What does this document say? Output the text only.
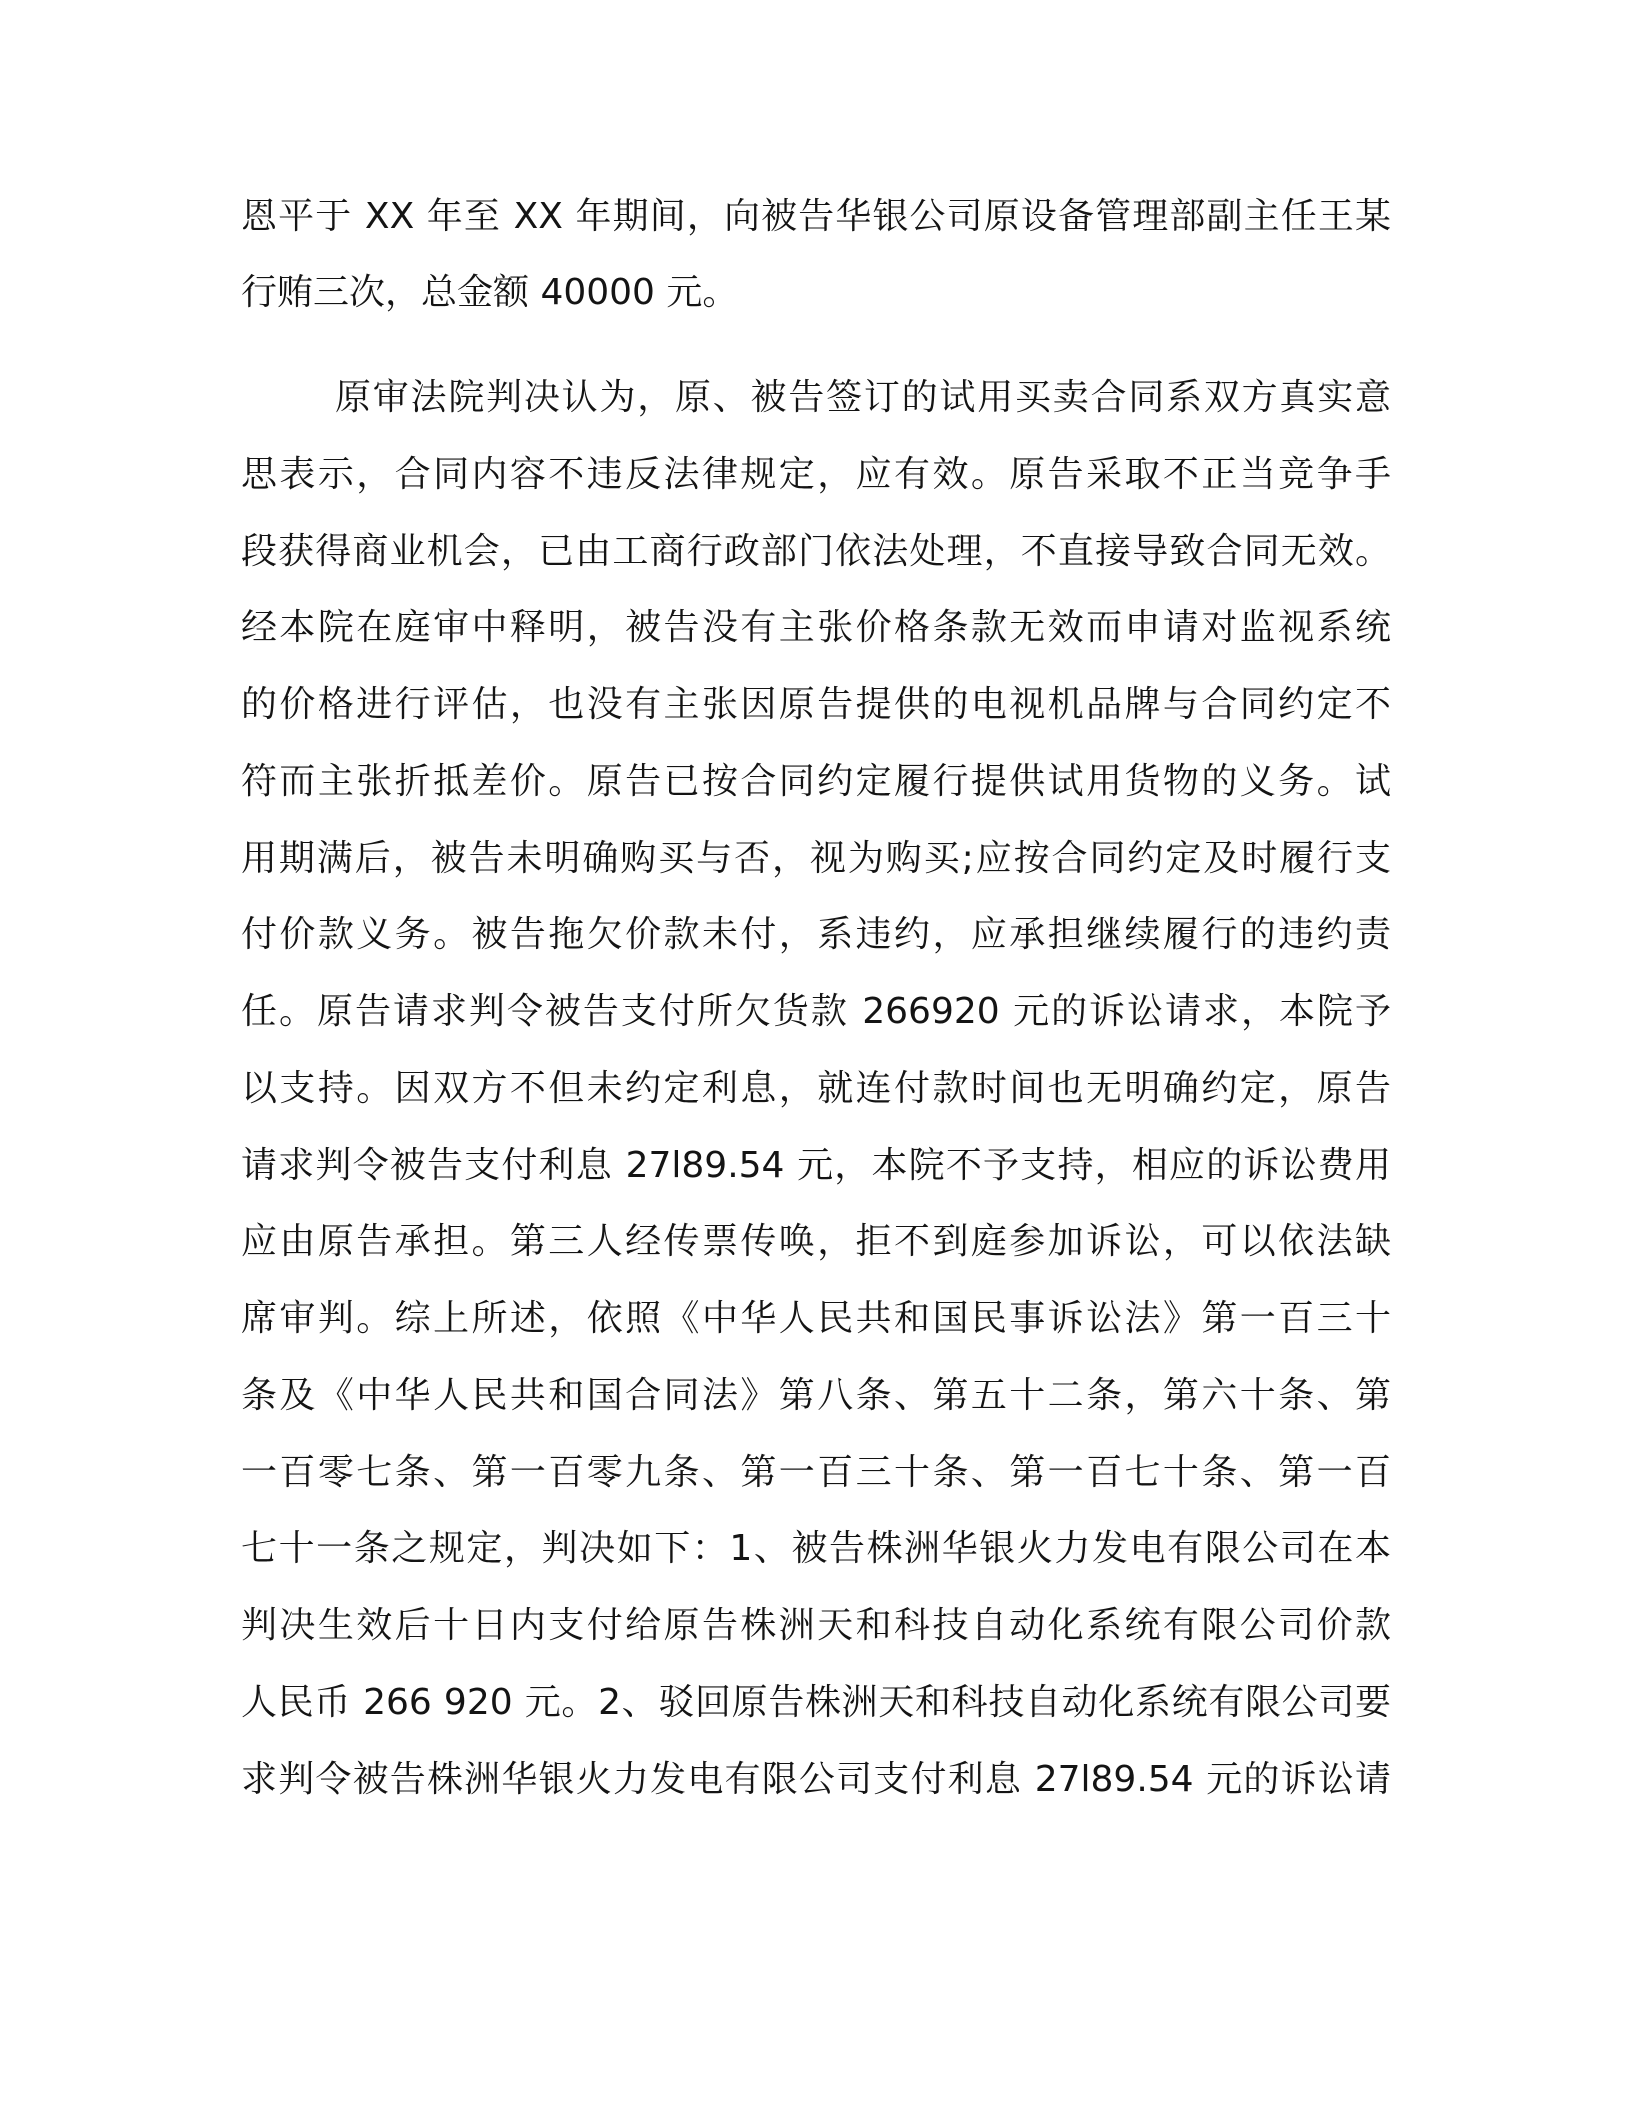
恩平于 XX 年至 XX 年期间，向被告华银公司原设备管理部副主任王某

行贿三次，总金额 40000 元。

原审法院判决认为，原、被告签订的试用买卖合同系双方真实意

思表示，合同内容不违反法律规定，应有效。原告采取不正当竞争手

段获得商业机会，已由工商行政部门依法处理，不直接导致合同无效。

经本院在庭审中释明，被告没有主张价格条款无效而申请对监视系统

的价格进行评估，也没有主张因原告提供的电视机品牌与合同约定不

符而主张折抵差价。原告已按合同约定履行提供试用货物的义务。试

用期满后，被告未明确购买与否，视为购买;应按合同约定及时履行支

付价款义务。被告拖欠价款未付，系违约，应承担继续履行的违约责

任。原告请求判令被告支付所欠货款 266920 元的诉讼请求，本院予

以支持。因双方不但未约定利息，就连付款时间也无明确约定，原告

请求判令被告支付利息 27l89.54 元，本院不予支持，相应的诉讼费用

应由原告承担。第三人经传票传唤，拒不到庭参加诉讼，可以依法缺

席审判。综上所述，依照《中华人民共和国民事诉讼法》第一百三十

条及《中华人民共和国合同法》第八条、第五十二条，第六十条、第

一百零七条、第一百零九条、第一百三十条、第一百七十条、第一百

七十一条之规定，判决如下：1、被告株洲华银火力发电有限公司在本

判决生效后十日内支付给原告株洲天和科技自动化系统有限公司价款

人民币 266 920 元。2、驳回原告株洲天和科技自动化系统有限公司要

求判令被告株洲华银火力发电有限公司支付利息 27l89.54 元的诉讼请
